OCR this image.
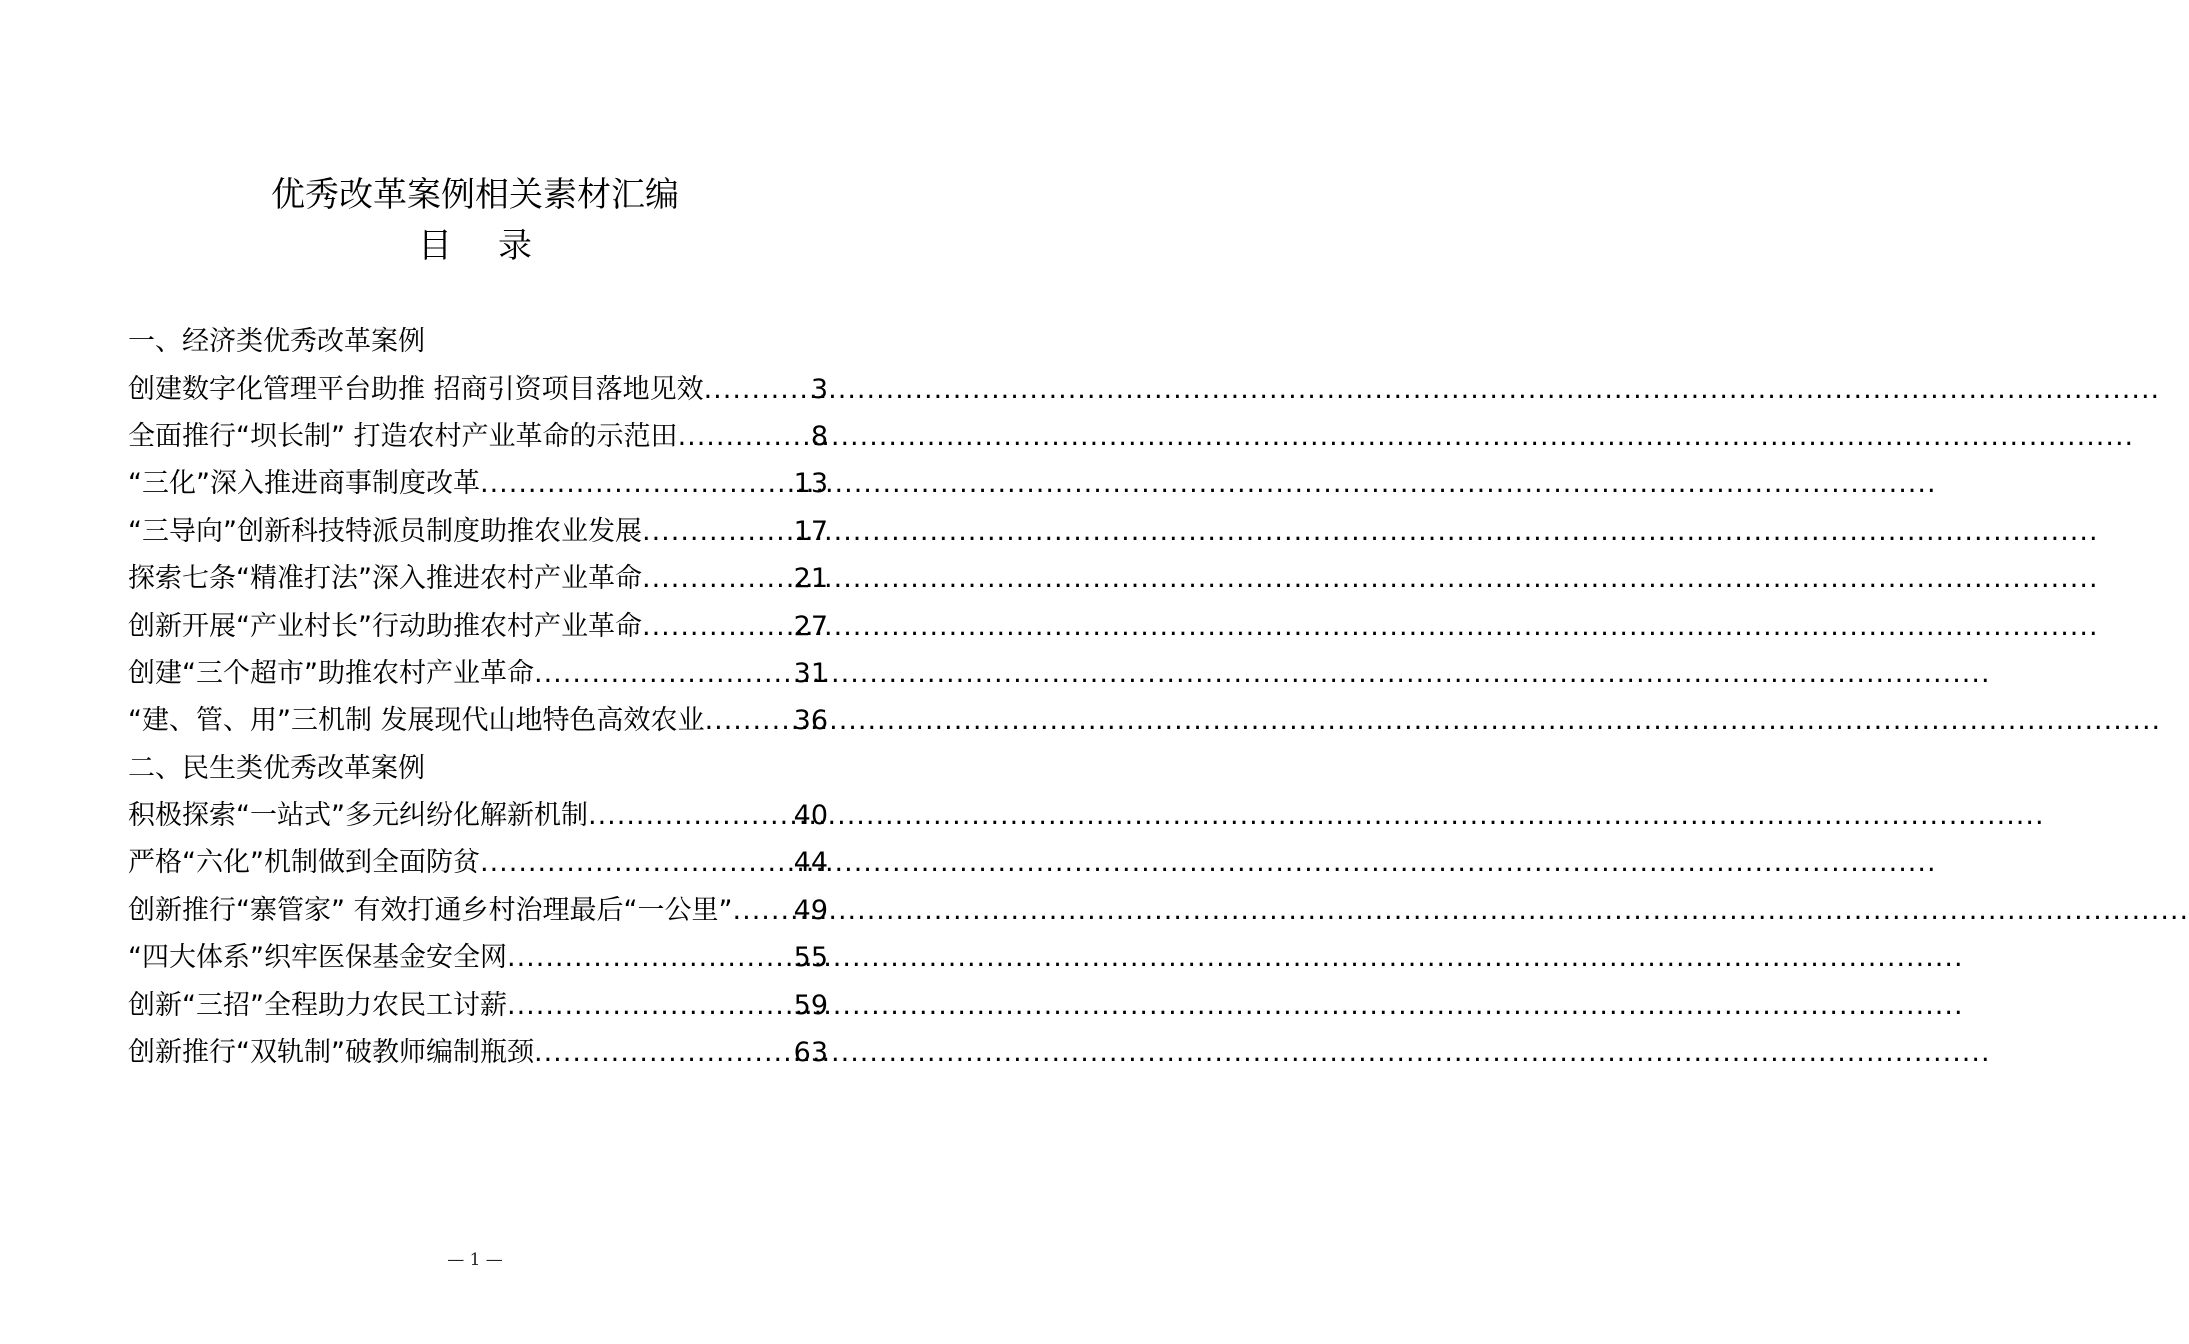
优秀改革案例相关素材汇编
目 录
一、经济类优秀改革案例
创建数字化管理平台助推 招商引资项目落地见效 .....	3
全面推行“坝长制” 打造农村产业革命的示范田 .....	8
“三化”深入推进商事制度改革 .....	13
“三导向”创新科技特派员制度助推农业发展 .....	17
探索七条“精准打法”深入推进农村产业革命 .....	21
创新开展“产业村长”行动助推农村产业革命 .....	27
创建“三个超市”助推农村产业革命 .....	31
“建、管、用”三机制 发展现代山地特色高效农业 .....	36
二、民生类优秀改革案例
积极探索“一站式”多元纠纷化解新机制 .....	40
严格“六化”机制做到全面防贫 .....	44
创新推行“寨管家” 有效打通乡村治理最后“一公里” ..... 49
“四大体系”织牢医保基金安全网 .....	55
创新“三招”全程助力农民工讨薪 .....	59
创新推行“双轨制”破教师编制瓶颈 .....	63
— 1 —
